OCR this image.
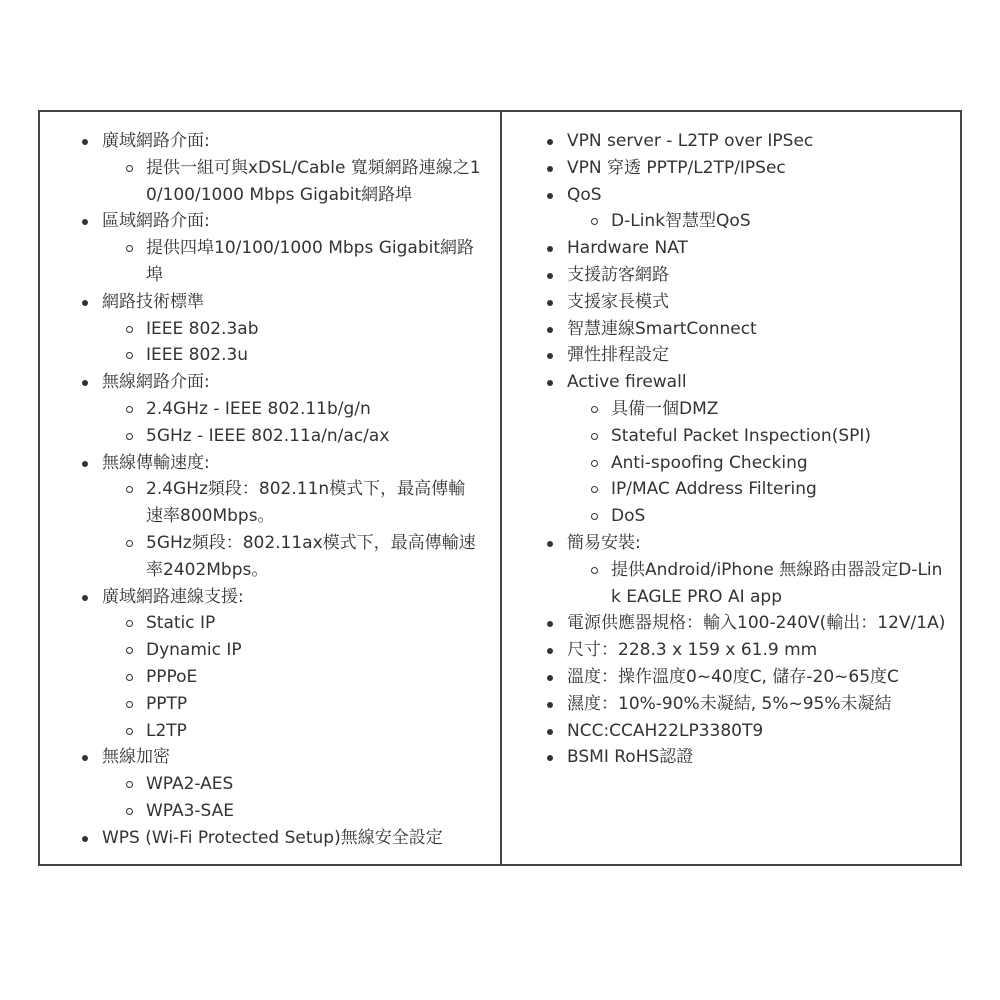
廣域網路介面:
提供一組可與xDSL/Cable 寬頻網路連線之10/100/1000 Mbps Gigabit網路埠
區域網路介面:
提供四埠10/100/1000 Mbps Gigabit網路埠
網路技術標準
IEEE 802.3ab
IEEE 802.3u
無線網路介面:
2.4GHz - IEEE 802.11b/g/n
5GHz - IEEE 802.11a/n/ac/ax
無線傳輸速度:
2.4GHz頻段：802.11n模式下，最高傳輸速率800Mbps。
5GHz頻段：802.11ax模式下，最高傳輸速率2402Mbps。
廣域網路連線支援:
Static IP
Dynamic IP
PPPoE
PPTP
L2TP
無線加密
WPA2-AES
WPA3-SAE
WPS (Wi-Fi Protected Setup)無線安全設定
VPN server - L2TP over IPSec
VPN 穿透 PPTP/L2TP/IPSec
QoS
D-Link智慧型QoS
Hardware NAT
支援訪客網路
支援家長模式
智慧連線SmartConnect
彈性排程設定
Active firewall
具備一個DMZ
Stateful Packet Inspection(SPI)
Anti-spoofing Checking
IP/MAC Address Filtering
DoS
簡易安裝:
提供Android/iPhone 無線路由器設定D-Link EAGLE PRO AI app
電源供應器規格：輸入100-240V(輸出：12V/1A)
尺寸：228.3 x 159 x 61.9 mm
溫度：操作溫度0~40度C, 儲存-20~65度C
濕度：10%-90%未凝結, 5%~95%未凝結
NCC:CCAH22LP3380T9
BSMI RoHS認證
